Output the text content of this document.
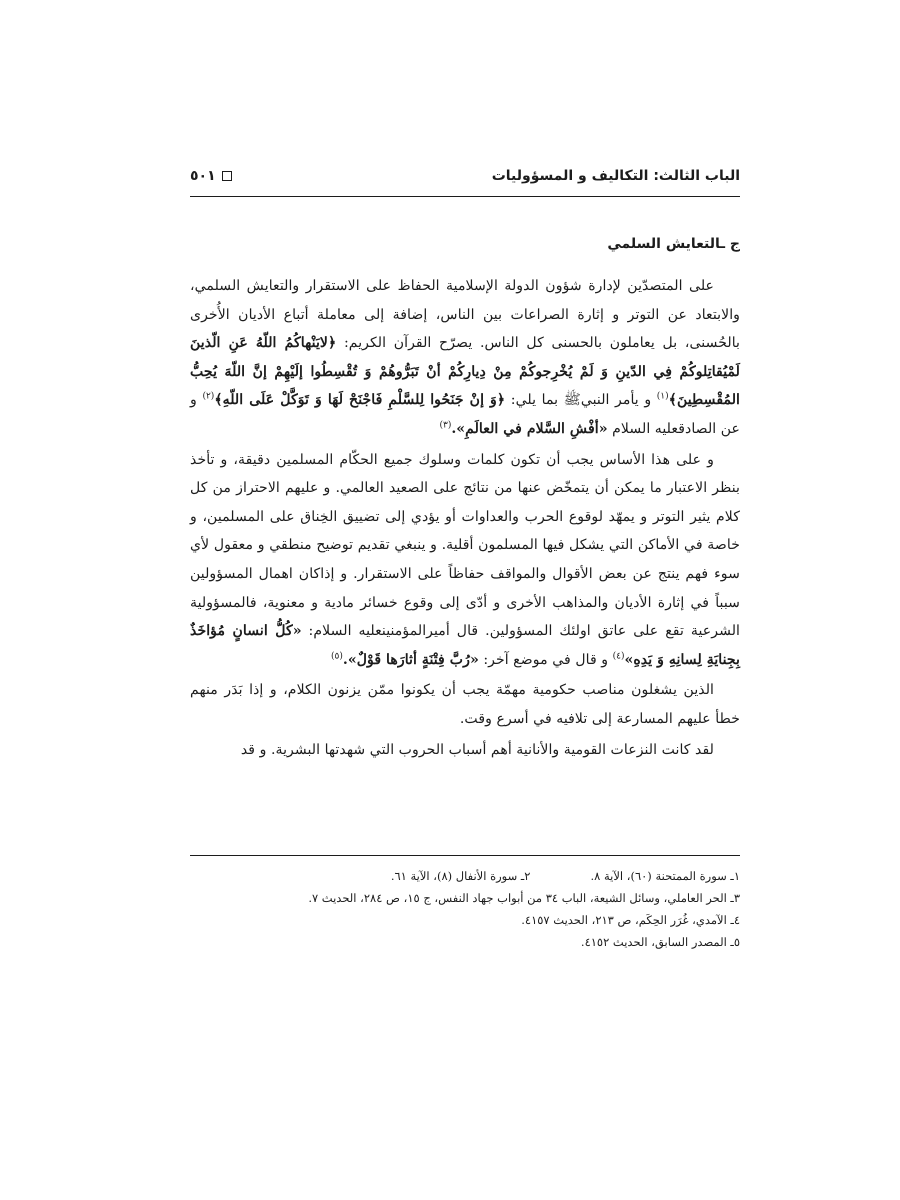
الباب الثالث: التكاليف و المسؤوليات
٥٠١
ج ـالتعايش السلمي

على المتصدّين لإدارة شؤون الدولة الإسلامية الحفاظ على الاستقرار والتعايش السلمي، والابتعاد عن التوتر و إثارة الصراعات بين الناس، إضافة إلى معاملة أتباع الأديان الأُخرى بالحُسنى، بل يعاملون بالحسنى كل الناس. يصرّح القرآن الكريم: ﴿لايَنْهاكُمُ اللّهُ عَنِ الّذينَ لَمْيُقاتِلوكُمْ فِي الدّينِ وَ لَمْ يُخْرِجوكُمْ مِنْ دِيارِكُمْ أنْ تَبَرُّوهُمْ وَ تُقْسِطُوا إلَيْهِمْ إنَّ اللّهَ يُحِبُّ المُقْسِطِينَ﴾$^{(١)}$ و يأمر النبيﷺ بما يلي: ﴿وَ إنْ جَنَحُوا لِلسَّلْمِ فَاجْنَحْ لَهَا وَ تَوَكَّلْ عَلَى اللّهِ﴾$^{(٢)}$ و عن الصادقعليه السلام «أفْشِ السَّلام في العالَمِ».$^{(٣)}$

و على هذا الأساس يجب أن تكون كلمات وسلوك جميع الحكّام المسلمين دقيقة، و تأخذ بنظر الاعتبار ما يمكن أن يتمخّض عنها من نتائج على الصعيد العالمي. و عليهم الاحتراز من كل كلام يثير التوتر و يمهّد لوقوع الحرب والعداوات أو يؤدي إلى تضييق الخِناق على المسلمين، و خاصة في الأماكن التي يشكل فيها المسلمون أقلية. و ينبغي تقديم توضيح منطقي و معقول لأي سوء فهم ينتج عن بعض الأقوال والمواقف حفاظاً على الاستقرار. و إذاكان اهمال المسؤولين سبباً في إثارة الأديان والمذاهب الأخرى و أدّى إلى وقوع خسائر مادية و معنوية، فالمسؤولية الشرعية تقع على عاتق اولئك المسؤولين. قال أميرالمؤمنينعليه السلام: «كُلُّ انسانٍ مُؤاخَذٌ بِجِنايَةِ لِسانِهِ وَ يَدِهِ»$^{(٤)}$ و قال في موضع آخر: «رُبَّ فِتْنَةٍ أثارَها قَوْلٌ».$^{(٥)}$

الذين يشغلون مناصب حكومية مهمّة يجب أن يكونوا ممّن يزنون الكلام، و إذا بَدَر منهم خطأ عليهم المسارعة إلى تلافيه في أسرع وقت.

لقد كانت النزعات القومية والأنانية أهم أسباب الحروب التي شهدتها البشرية. و قد

١ـ سورة الممتحنة (٦٠)، الآية ٨.
٢ـ سورة الأنفال (٨)، الآية ٦١.
٣ـ الحر العاملي، وسائل الشيعة، الباب ٣٤ من أبواب جهاد النفس، ج ١٥، ص ٢٨٤، الحديث ٧.
٤ـ الآمدي، غُرَر الحِكَم، ص ٢١٣، الحديث ٤١٥٧.
٥ـ المصدر السابق، الحديث ٤١٥٢.
